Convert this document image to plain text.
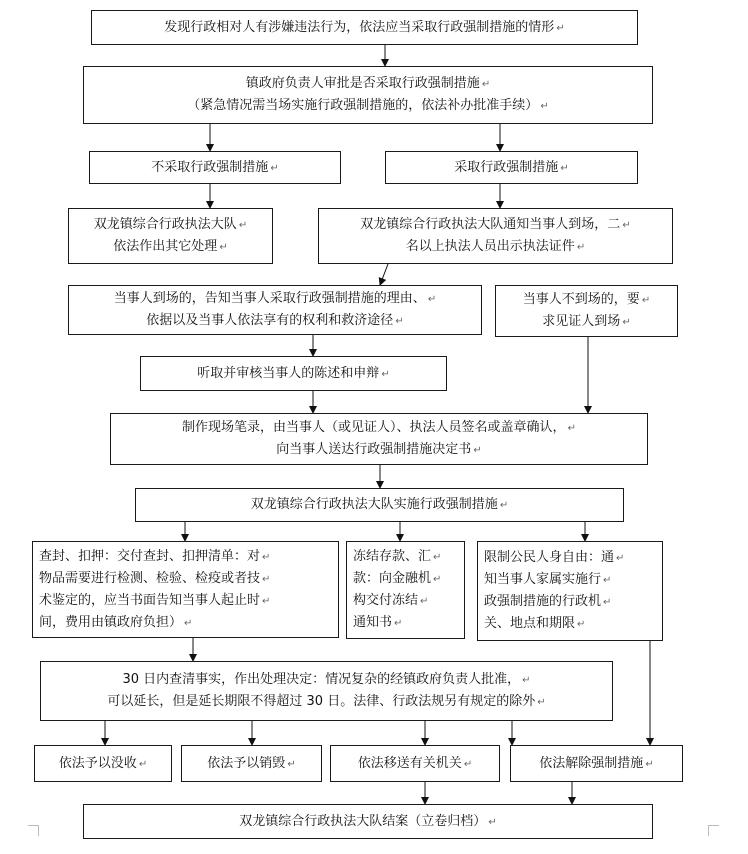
发现行政相对人有涉嫌违法行为，依法应当采取行政强制措施的情形 ↵
镇政府负责人审批是否采取行政强制措施 ↵
（紧急情况需当场实施行政强制措施的，依法补办批准手续） ↵
不采取行政强制措施 ↵	采取行政强制措施 ↵
双龙镇综合行政执法大队 ↵
依法作出其它处理 ↵
双龙镇综合行政执法大队通知当事人到场，二 ↵
名以上执法人员出示执法证件 ↵
当事人到场的，告知当事人采取行政强制措施的理由、 ↵
依据以及当事人依法享有的权利和救济途径 ↵
当事人不到场的，要 ↵
求见证人到场 ↵
听取并审核当事人的陈述和申辩 ↵
制作现场笔录，由当事人（或见证人）、执法人员签名或盖章确认， ↵
向当事人送达行政强制措施决定书 ↵
双龙镇综合行政执法大队实施行政强制措施 ↵
查封、扣押：交付查封、扣押清单：对 ↵
物品需要进行检测、检验、检疫或者技 ↵
术鉴定的，应当书面告知当事人起止时 ↵
间，费用由镇政府负担） ↵
冻结存款、汇 ↵
款：向金融机 ↵
构交付冻结 ↵
通知书 ↵
限制公民人身自由：通 ↵
知当事人家属实施行 ↵
政强制措施的行政机 ↵
关、地点和期限 ↵
30 日内查清事实，作出处理决定：情况复杂的经镇政府负责人批准， ↵
可以延长，但是延长期限不得超过 30 日。法律、行政法规另有规定的除外 ↵
依法予以没收 ↵	依法予以销毁 ↵	依法移送有关机关 ↵	依法解除强制措施 ↵
双龙镇综合行政执法大队结案（立卷归档） ↵
